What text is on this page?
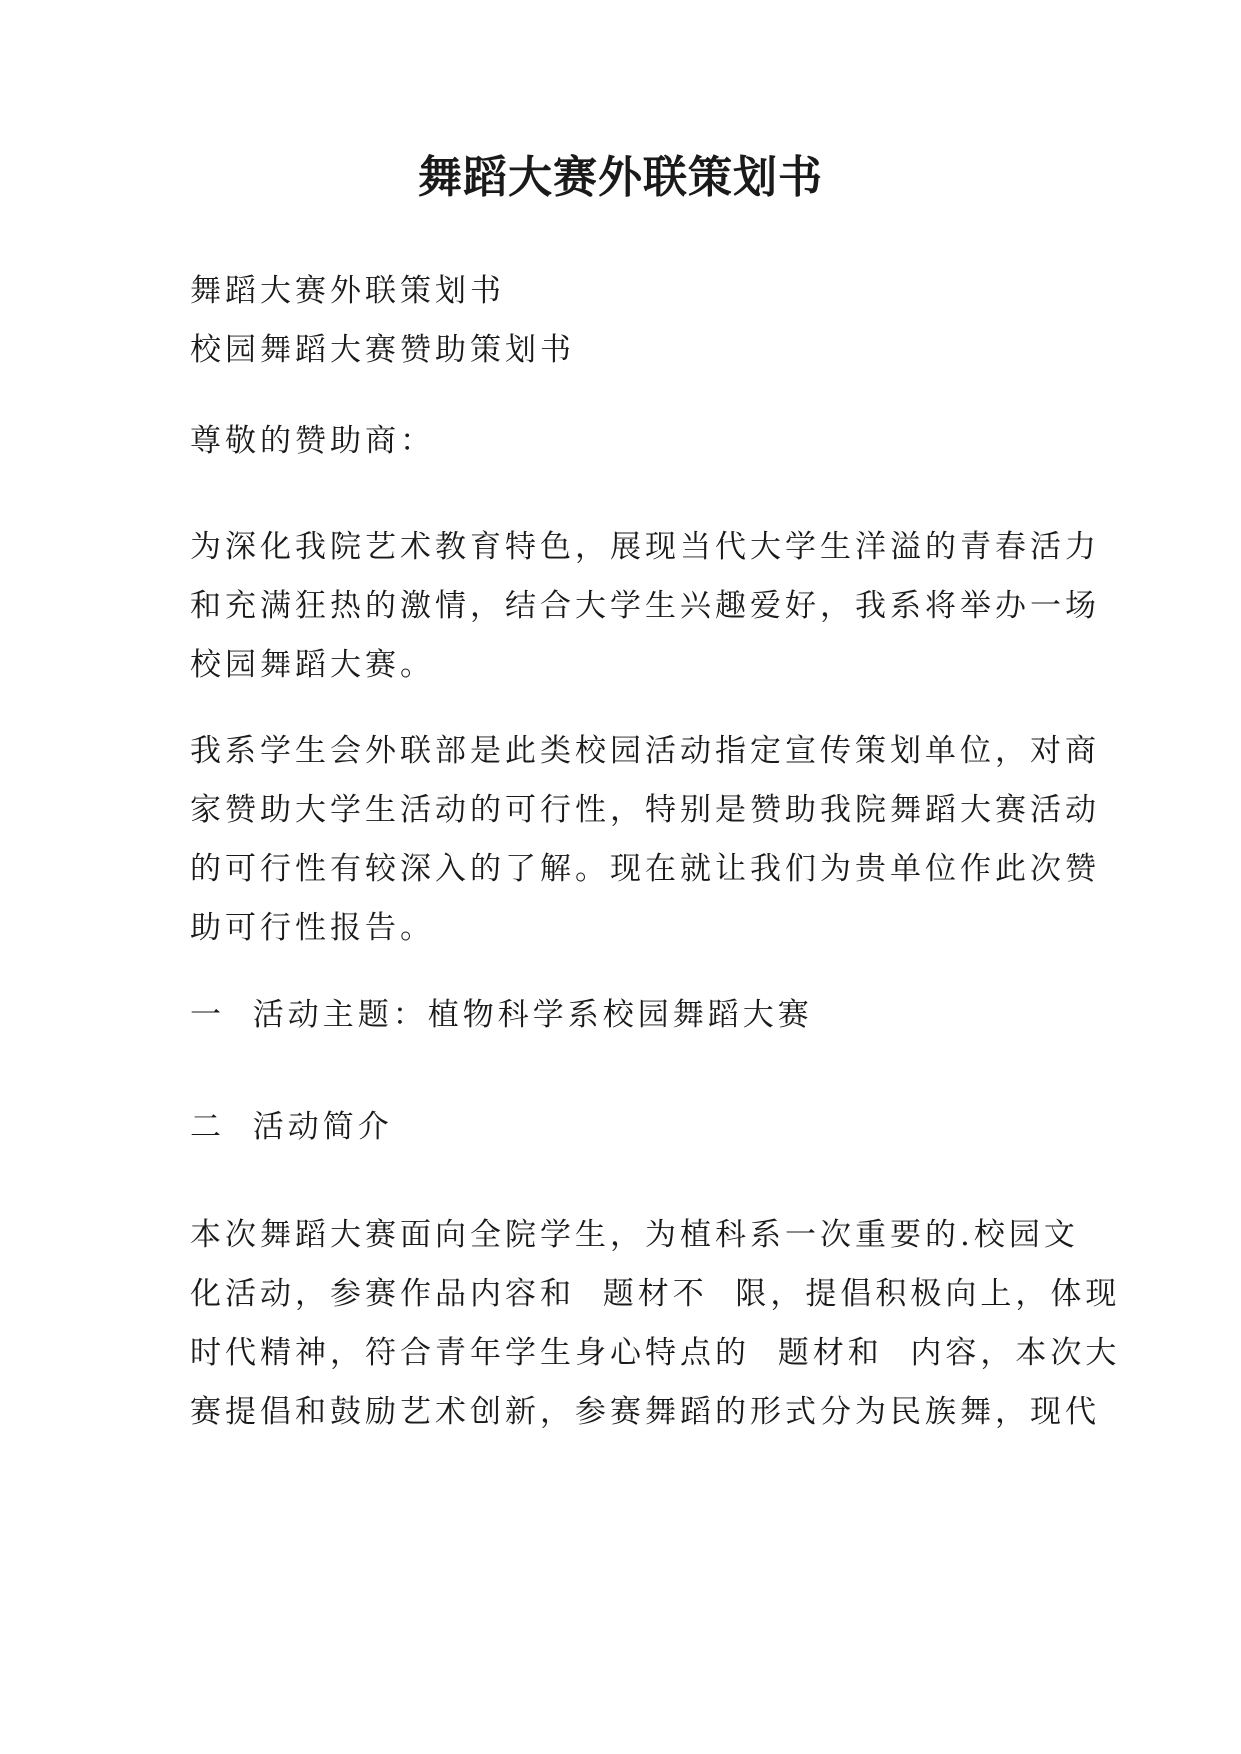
舞蹈大赛外联策划书
舞蹈大赛外联策划书
校园舞蹈大赛赞助策划书
尊敬的赞助商：
为深化我院艺术教育特色，展现当代大学生洋溢的青春活力
和充满狂热的激情，结合大学生兴趣爱好，我系将举办一场
校园舞蹈大赛。
我系学生会外联部是此类校园活动指定宣传策划单位，对商
家赞助大学生活动的可行性，特别是赞助我院舞蹈大赛活动
的可行性有较深入的了解。现在就让我们为贵单位作此次赞
助可行性报告。
一  活动主题：植物科学系校园舞蹈大赛
二  活动简介
本次舞蹈大赛面向全院学生，为植科系一次重要的.校园文
化活动，参赛作品内容和  题材不  限，提倡积极向上，体现
时代精神，符合青年学生身心特点的  题材和  内容，本次大
赛提倡和鼓励艺术创新，参赛舞蹈的形式分为民族舞，现代
